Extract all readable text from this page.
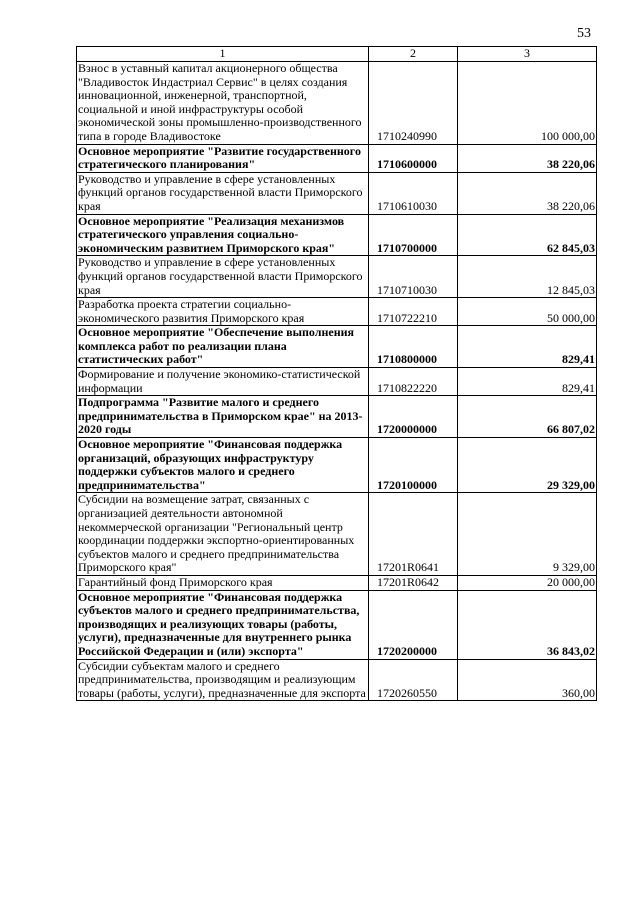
53
1	2	3
Взнос в уставный капитал акционерного общества "Владивосток Индастриал Сервис" в целях создания инновационной, инженерной, транспортной, социальной и иной инфраструктуры особой экономической зоны промышленно-производственного типа в городе Владивостоке	1710240990	100 000,00
Основное мероприятие "Развитие государственного стратегического планирования"	1710600000	38 220,06
Руководство и управление в сфере установленных функций органов государственной власти Приморского края	1710610030	38 220,06
Основное мероприятие "Реализация механизмов стратегического управления социально-экономическим развитием Приморского края"	1710700000	62 845,03
Руководство и управление в сфере установленных функций органов государственной власти Приморского края	1710710030	12 845,03
Разработка проекта стратегии социально-экономического развития Приморского края	1710722210	50 000,00
Основное мероприятие "Обеспечение выполнения комплекса работ по реализации плана статистических работ"	1710800000	829,41
Формирование и получение экономико-статистической информации	1710822220	829,41
Подпрограмма "Развитие малого и среднего предпринимательства в Приморском крае" на 2013-2020 годы	1720000000	66 807,02
Основное мероприятие "Финансовая поддержка организаций, образующих инфраструктуру поддержки субъектов малого и среднего предпринимательства"	1720100000	29 329,00
Субсидии на возмещение затрат, связанных с организацией деятельности автономной некоммерческой организации "Региональный центр координации поддержки экспортно-ориентированных субъектов малого и среднего предпринимательства Приморского края"	17201R0641	9 329,00
Гарантийный фонд Приморского края	17201R0642	20 000,00
Основное мероприятие "Финансовая поддержка субъектов малого и среднего предпринимательства, производящих и реализующих товары (работы, услуги), предназначенные для внутреннего рынка Российской Федерации и (или) экспорта"	1720200000	36 843,02
Субсидии субъектам малого и среднего предпринимательства, производящим и реализующим товары (работы, услуги), предназначенные для экспорта	1720260550	360,00
